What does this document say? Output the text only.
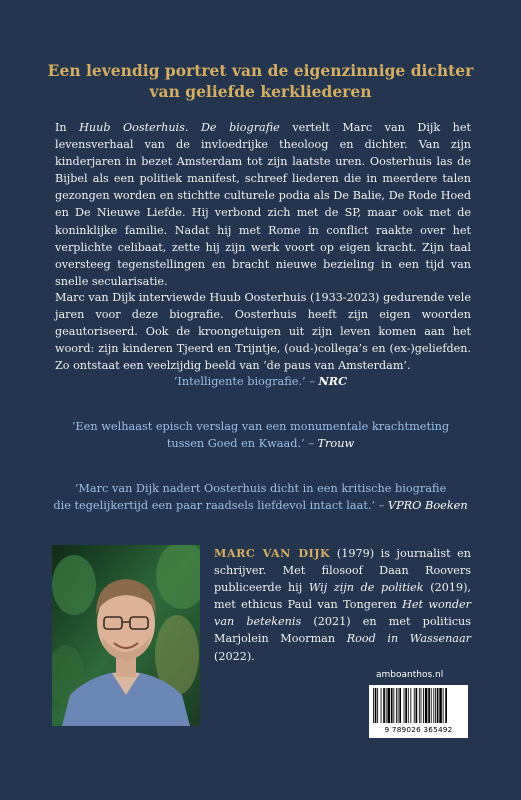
Een levendig portret van de eigenzinnige dichter
van geliefde kerkliederen
In Huub Oosterhuis. De biografie vertelt Marc van Dijk het levensverhaal van de invloedrijke theoloog en dichter. Van zijn kinderjaren in bezet Amsterdam tot zijn laatste uren. Oosterhuis las de Bijbel als een politiek manifest, schreef liederen die in meerdere talen gezongen worden en stichtte culturele podia als De Balie, De Rode Hoed en De Nieuwe Liefde. Hij verbond zich met de SP, maar ook met de koninklijke familie. Nadat hij met Rome in conflict raakte over het verplichte celibaat, zette hij zijn werk voort op eigen kracht. Zijn taal oversteeg tegenstellingen en bracht nieuwe bezieling in een tijd van snelle secularisatie.
Marc van Dijk interviewde Huub Oosterhuis (1933-2023) gedurende vele jaren voor deze biografie. Oosterhuis heeft zijn eigen woorden geautoriseerd. Ook de kroongetuigen uit zijn leven komen aan het woord: zijn kinderen Tjeerd en Trijntje, (oud-)collega’s en (ex-)geliefden. Zo ontstaat een veelzijdig beeld van ‘de paus van Amsterdam’.
‘Intelligente biografie.’ – NRC
‘Een welhaast episch verslag van een monumentale krachtmeting
tussen Goed en Kwaad.’ – Trouw
‘Marc van Dijk nadert Oosterhuis dicht in een kritische biografie
die tegelijkertijd een paar raadsels liefdevol intact laat.’ – VPRO Boeken
MARC VAN DIJK (1979) is journalist en schrijver. Met filosoof Daan Roovers publiceerde hij Wij zijn de politiek (2019), met ethicus Paul van Tongeren Het wonder van betekenis (2021) en met politicus Marjolein Moorman Rood in Wassenaar (2022).
amboanthos.nl
9 789026 365492
